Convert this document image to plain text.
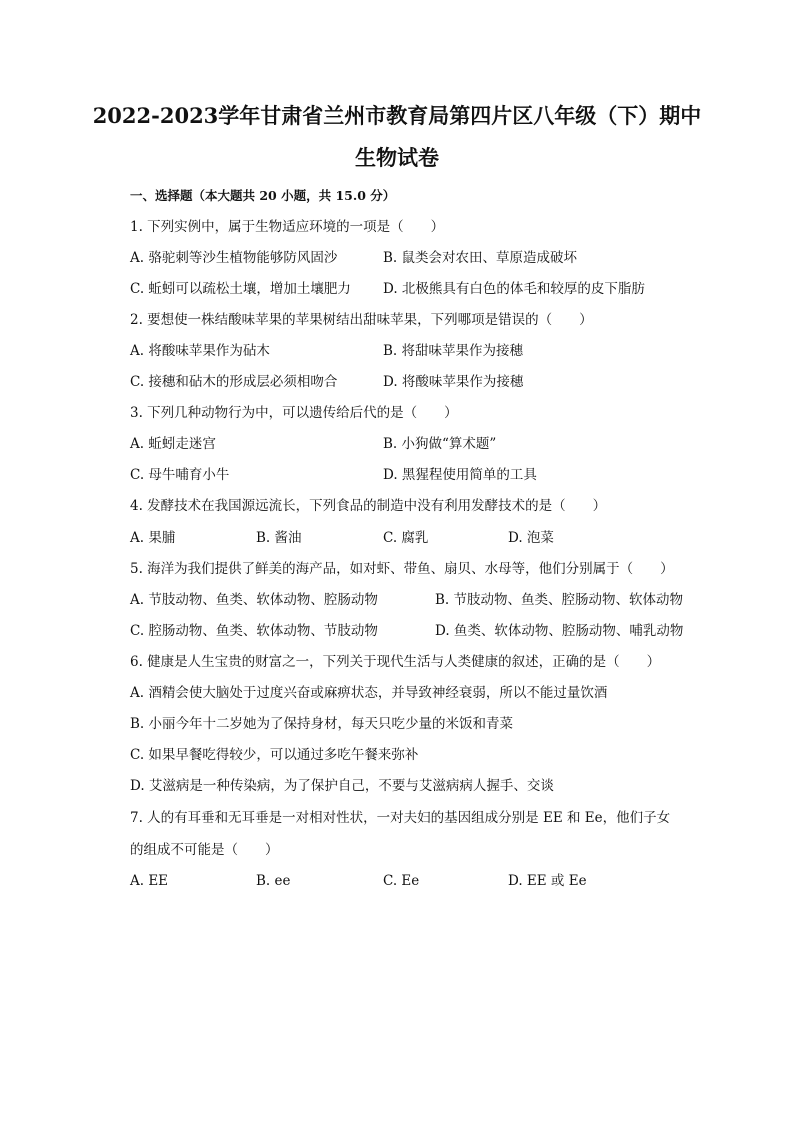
2022-2023学年甘肃省兰州市教育局第四片区八年级（下）期中
生物试卷
一、选择题（本大题共 20 小题，共 15.0 分）
1. 下列实例中，属于生物适应环境的一项是（　　）
A. 骆驼刺等沙生植物能够防风固沙	B. 鼠类会对农田、草原造成破坏
C. 蚯蚓可以疏松土壤，增加土壤肥力 D. 北极熊具有白色的体毛和较厚的皮下脂肪
2. 要想使一株结酸味苹果的苹果树结出甜味苹果，下列哪项是错误的（　　）
A. 将酸味苹果作为砧木	B. 将甜味苹果作为接穗
C. 接穗和砧木的形成层必须相吻合	D. 将酸味苹果作为接穗
3. 下列几种动物行为中，可以遗传给后代的是（　　）
A. 蚯蚓走迷宫	B. 小狗做“算术题”
C. 母牛哺育小牛	D. 黑猩程使用简单的工具
4. 发酵技术在我国源远流长，下列食品的制造中没有利用发酵技术的是（　　）
A. 果脯	B. 酱油	C. 腐乳	D. 泡菜
5. 海洋为我们提供了鲜美的海产品，如对虾、带鱼、扇贝、水母等，他们分别属于（　　）
A. 节肢动物、鱼类、软体动物、腔肠动物	B. 节肢动物、鱼类、腔肠动物、软体动物
C. 腔肠动物、鱼类、软体动物、节肢动物	D. 鱼类、软体动物、腔肠动物、哺乳动物
6. 健康是人生宝贵的财富之一，下列关于现代生活与人类健康的叙述，正确的是（　　）
A. 酒精会使大脑处于过度兴奋或麻痹状态，并导致神经衰弱，所以不能过量饮酒
B. 小丽今年十二岁她为了保持身材，每天只吃少量的米饭和青菜
C. 如果早餐吃得较少，可以通过多吃午餐来弥补
D. 艾滋病是一种传染病，为了保护自己，不要与艾滋病病人握手、交谈
7. 人的有耳垂和无耳垂是一对相对性状，一对夫妇的基因组成分别是 EE 和 Ee，他们子女
的组成不可能是（　　）
A. EE	B. ee	C. Ee	D. EE 或 Ee
